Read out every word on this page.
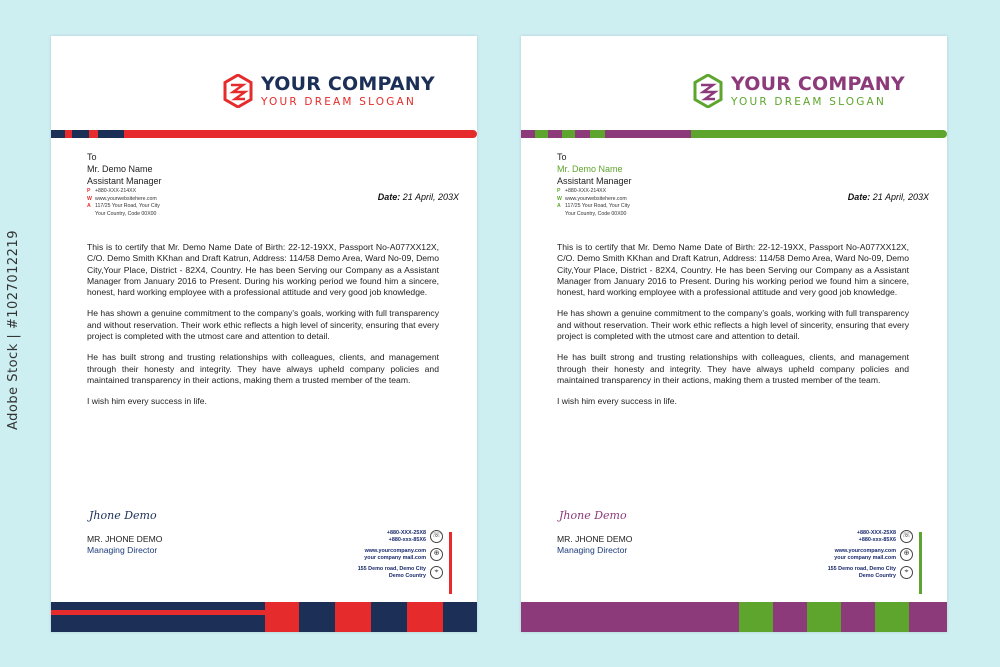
Adobe Stock | #1027012219
YOUR COMPANY
YOUR DREAM SLOGAN
To
Mr. Demo Name
Assistant Manager
P +880-XXX-214XX
W www.yourwebsitehere.com
A 117/25 Your Road, Your City
Your Country, Code 00X00
Date: 21 April, 203X

This is to certify that Mr. Demo Name Date of Birth: 22-12-19XX, Passport No-A077XX12X, C/O. Demo Smith KKhan and Draft Katrun, Address: 114/58 Demo Area, Ward No-09, Demo City,Your Place, District - 82X4, Country. He has been Serving our Company as a Assistant Manager from January 2016 to Present. During his working period we found him a sincere, honest, hard working employee with a professional attitude and very good job knowledge.

He has shown a genuine commitment to the company’s goals, working with full transparency and without reservation. Their work ethic reflects a high level of sincerity, ensuring that every project is completed with the utmost care and attention to detail.

He has built strong and trusting relationships with colleagues, clients, and management through their honesty and integrity. They have always upheld company policies and maintained transparency in their actions, making them a trusted member of the team.

I wish him every success in life.

Jhone Demo
MR. JHONE DEMO
Managing Director
+880-XXX-25X8
+880-xxx-85X6
☏
www.yourcompany.com
your company mail.com
⊕
155 Demo road, Demo City
Demo Country
⌖
YOUR COMPANY
YOUR DREAM SLOGAN
To
Mr. Demo Name
Assistant Manager
P +880-XXX-214XX
W www.yourwebsitehere.com
A 117/25 Your Road, Your City
Your Country, Code 00X00
Date: 21 April, 203X

This is to certify that Mr. Demo Name Date of Birth: 22-12-19XX, Passport No-A077XX12X, C/O. Demo Smith KKhan and Draft Katrun, Address: 114/58 Demo Area, Ward No-09, Demo City,Your Place, District - 82X4, Country. He has been Serving our Company as a Assistant Manager from January 2016 to Present. During his working period we found him a sincere, honest, hard working employee with a professional attitude and very good job knowledge.

He has shown a genuine commitment to the company’s goals, working with full transparency and without reservation. Their work ethic reflects a high level of sincerity, ensuring that every project is completed with the utmost care and attention to detail.

He has built strong and trusting relationships with colleagues, clients, and management through their honesty and integrity. They have always upheld company policies and maintained transparency in their actions, making them a trusted member of the team.

I wish him every success in life.

Jhone Demo
MR. JHONE DEMO
Managing Director
+880-XXX-25X8
+880-xxx-85X6
☏
www.yourcompany.com
your company mail.com
⊕
155 Demo road, Demo City
Demo Country
⌖
